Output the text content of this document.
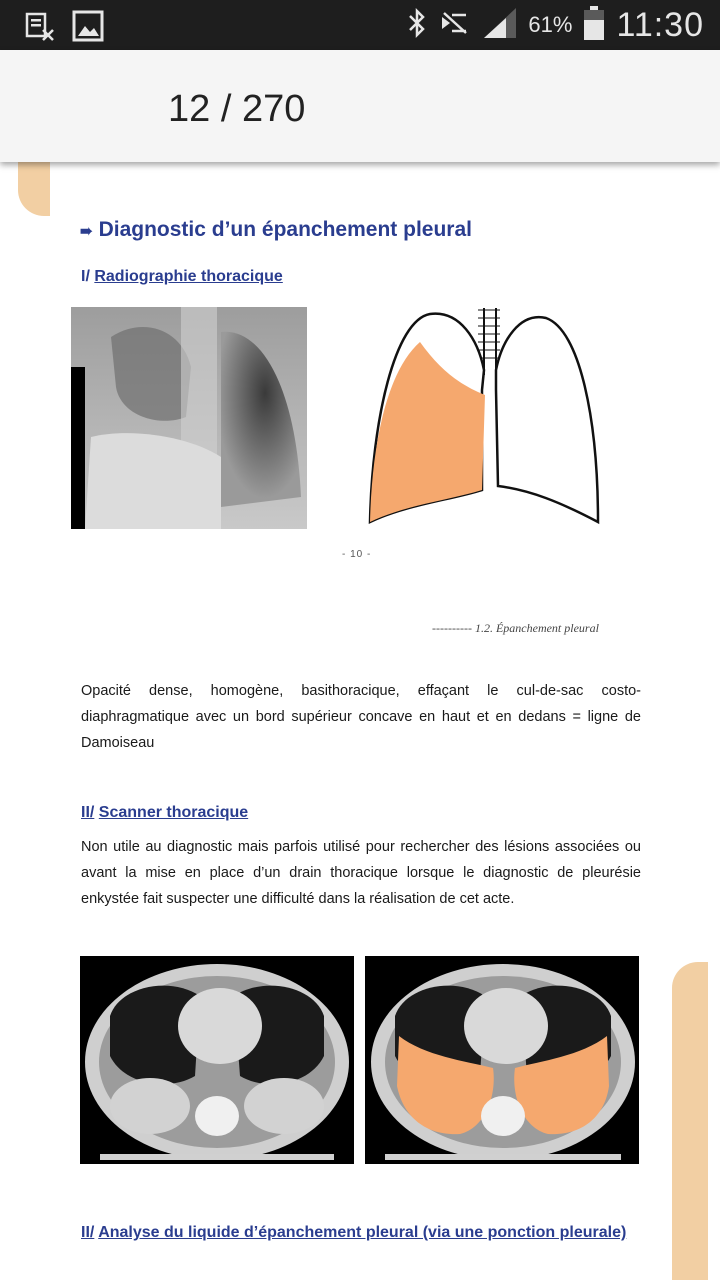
61% 11:30
12 / 270
➠ Diagnostic d’un épanchement pleural
I/ Radiographie thoracique
- 10 -
---------- 1.2. Épanchement pleural
Opacité dense, homogène, basithoracique, effaçant le cul-de-sac costo-diaphragmatique avec un bord supérieur concave en haut et en dedans = ligne de Damoiseau
II/ Scanner thoracique
Non utile au diagnostic mais parfois utilisé pour rechercher des lésions associées ou avant la mise en place d’un drain thoracique lorsque le diagnostic de pleurésie enkystée fait suspecter une difficulté dans la réalisation de cet acte.
II/ Analyse du liquide d’épanchement pleural (via une ponction pleurale)
